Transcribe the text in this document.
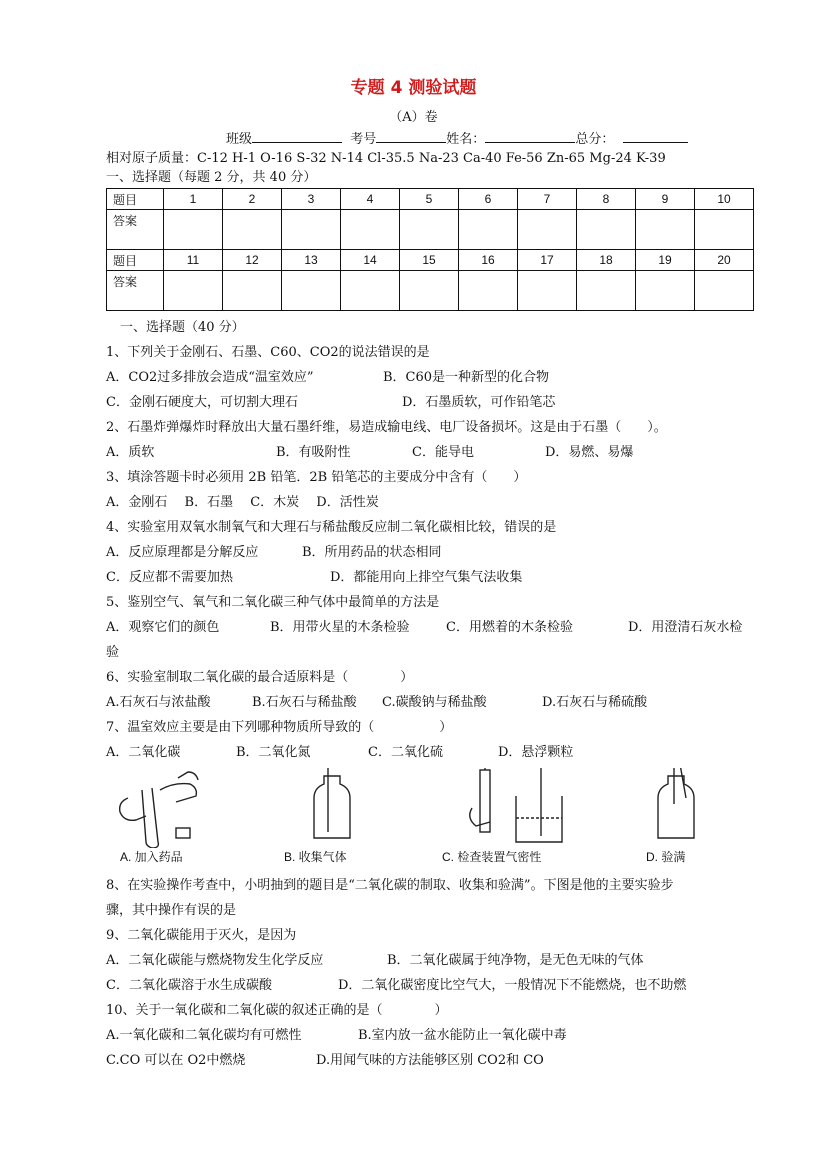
专题 4 测验试题
（A）卷
班级	考号	姓名：	总分：
相对原子质量：C-12 H-1 O-16 S-32 N-14 Cl-35.5 Na-23 Ca-40 Fe-56 Zn-65 Mg-24 K-39
一、选择题（每题 2 分，共 40 分）
题目	1	2	3	4	5	6	7	8	9	10
答案										
题目	11	12	13	14	15	16	17	18	19	20
答案										
一、选择题（40 分）
1、下列关于金刚石、石墨、C60、CO2的说法错误的是
A．CO2过多排放会造成“温室效应”	B．C60是一种新型的化合物
C．金刚石硬度大，可切割大理石	D．石墨质软，可作铅笔芯
2、石墨炸弹爆炸时释放出大量石墨纤维，易造成输电线、电厂设备损坏。这是由于石墨（　　）。
A．质软	B．有吸附性	C．能导电	D．易燃、易爆
3、填涂答题卡时必须用 2B 铅笔．2B 铅笔芯的主要成分中含有（　　）
A．金刚石　 B．石墨　 C．木炭　 D．活性炭
4、实验室用双氧水制氧气和大理石与稀盐酸反应制二氧化碳相比较，错误的是
A．反应原理都是分解反应	B．所用药品的状态相同
C．反应都不需要加热	D．都能用向上排空气集气法收集
5、鉴别空气、氧气和二氧化碳三种气体中最简单的方法是
A．观察它们的颜色	B．用带火星的木条检验	C．用燃着的木条检验	D．用澄清石灰水检
验
6、实验室制取二氧化碳的最合适原料是（　　　　）
A.石灰石与浓盐酸	B.石灰石与稀盐酸 C.碳酸钠与稀盐酸	D.石灰石与稀硫酸
7、温室效应主要是由下列哪种物质所导致的（　　　　　）
A．二氧化碳	B．二氧化氮	C．二氧化硫	D．悬浮颗粒
A. 加入药品	B. 收集气体	C. 检查装置气密性	D. 验满
8、在实验操作考查中，小明抽到的题目是“二氧化碳的制取、收集和验满”。下图是他的主要实验步
骤，其中操作有误的是
9、二氧化碳能用于灭火，是因为
A．二氧化碳能与燃烧物发生化学反应	B．二氧化碳属于纯净物，是无色无味的气体
C．二氧化碳溶于水生成碳酸	D．二氧化碳密度比空气大，一般情况下不能燃烧，也不助燃
10、关于一氧化碳和二氧化碳的叙述正确的是（　　　　）
A.一氧化碳和二氧化碳均有可燃性	B.室内放一盆水能防止一氧化碳中毒
C.CO 可以在 O2中燃烧	D.用闻气味的方法能够区别 CO2和 CO
